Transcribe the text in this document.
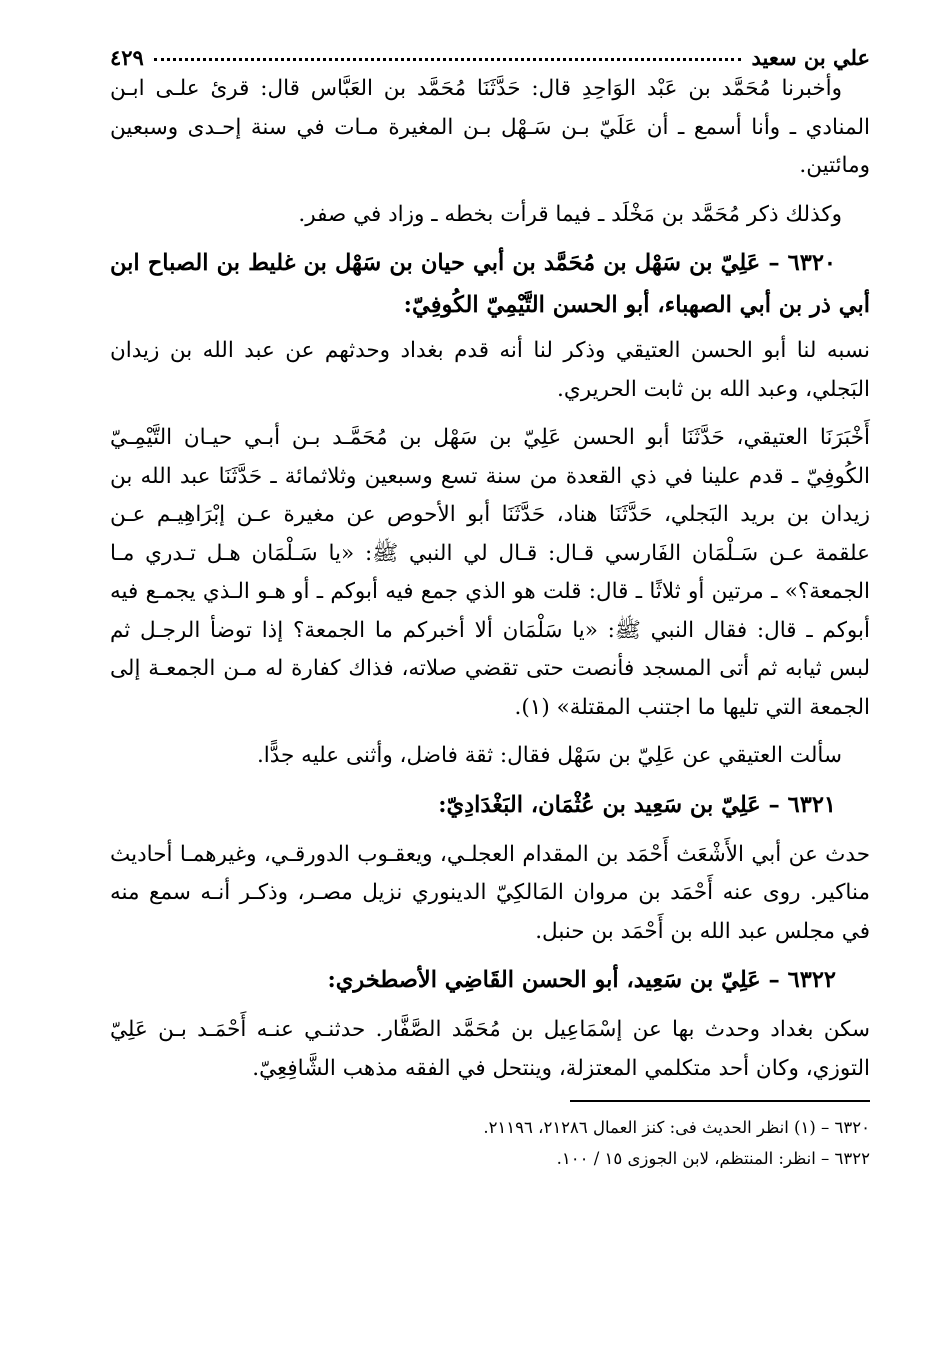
علي بن سعيد
٤٢٩

وأخبرنا مُحَمَّد بن عَبْد الوَاحِدِ قال: حَدَّثَنَا مُحَمَّد بن العَبَّاس قال: قرئ علـى ابـن المنادي ـ وأنا أسمع ـ أن عَلَيّ بـن سَـهْل بـن المغيرة مـات في سنة إحـدى وسبعين ومائتين.

وكذلك ذكر مُحَمَّد بن مَخْلَد ـ فيما قرأت بخطه ـ وزاد في صفر.

٦٣٢٠ – عَلِيّ بن سَهْل بن مُحَمَّد بن أبي حيان بن سَهْل بن غليط بن الصباح ابن أبي ذر بن أبي الصهباء، أبو الحسن التَّيْمِيّ الكُوفِيّ:

نسبه لنا أبو الحسن العتيقي وذكر لنا أنه قدم بغداد وحدثهم عن عبد الله بن زيدان البَجلي، وعبد الله بن ثابت الحريري.

أَخْبَرَنَا العتيقي، حَدَّثَنَا أبو الحسن عَلِيّ بن سَهْل بن مُحَمَّـد بـن أبـي حيـان التَّيْمِـيّ الكُوفِيّ ـ قدم علينا في ذي القعدة من سنة تسع وسبعين وثلاثمائة ـ حَدَّثَنَا عبد الله بن زيدان بن بريد البَجلي، حَدَّثَنَا هناد، حَدَّثَنَا أبو الأحوص عن مغيرة عـن إبْرَاهِيـم عـن علقمة عـن سَـلْمَان الفَارسي قـال: قـال لي النبي ﷺ: «يا سَـلْمَان هـل تـدري مـا الجمعة؟» ـ مرتين أو ثلاثًا ـ قال: قلت هو الذي جمع فيه أبوكم ـ أو هـو الـذي يجمـع فيه أبوكم ـ قال: فقال النبي ﷺ: «يا سَلْمَان ألا أخبركم ما الجمعة؟ إذا توضأ الرجـل ثم لبس ثيابه ثم أتى المسجد فأنصت حتى تقضي صلاته، فذاك كفارة له مـن الجمعـة إلى الجمعة التي تليها ما اجتنب المقتلة» (١).

سألت العتيقي عن عَلِيّ بن سَهْل فقال: ثقة فاضل، وأثنى عليه جدًّا.

٦٣٢١ – عَلِيّ بن سَعِيد بن عُثْمَان، البَغْدَادِيّ:

حدث عن أبي الأَشْعَث أَحْمَد بن المقدام العجلـي، ويعقـوب الدورقـي، وغيرهمـا أحاديث مناكير. روى عنه أَحْمَد بن مروان المَالكِيّ الدينوري نزيل مصـر، وذكـر أنـه سمع منه في مجلس عبد الله بن أَحْمَد بن حنبل.

٦٣٢٢ – عَلِيّ بن سَعِيد، أبو الحسن القَاضِي الأصطخري:

سكن بغداد وحدث بها عن إسْمَاعِيل بن مُحَمَّد الصَّفَّار. حدثنـي عنـه أَحْمَـد بـن عَلِيّ التوزي، وكان أحد متكلمي المعتزلة، وينتحل في الفقه مذهب الشَّافِعِيّ.

٦٣٢٠ – (١) انظر الحديث فى: كنز العمال ٢١٢٨٦، ٢١١٩٦.

٦٣٢٢ – انظر: المنتظم، لابن الجوزى ١٥ / ١٠٠.
